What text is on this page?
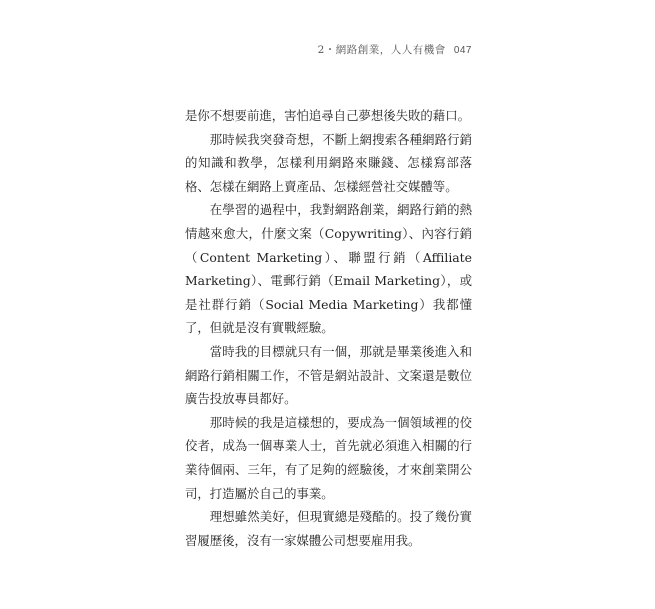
2・網路創業，人人有機會 047

是你不想要前進，害怕追尋自己夢想後失敗的藉口。

那時候我突發奇想，不斷上網搜索各種網路行銷的知識和教學，怎樣利用網路來賺錢、怎樣寫部落格、怎樣在網路上賣產品、怎樣經營社交媒體等。

在學習的過程中，我對網路創業，網路行銷的熱情越來愈大，什麼文案（Copywriting）、內容行銷（Content Marketing）、聯盟行銷（Affiliate Marketing）、電郵行銷（Email Marketing），或是社群行銷（Social Media Marketing）我都懂了，但就是沒有實戰經驗。

當時我的目標就只有一個，那就是畢業後進入和網路行銷相關工作，不管是網站設計、文案還是數位廣告投放專員都好。

那時候的我是這樣想的，要成為一個領域裡的佼佼者，成為一個專業人士，首先就必須進入相關的行業待個兩、三年，有了足夠的經驗後，才來創業開公司，打造屬於自己的事業。

理想雖然美好，但現實總是殘酷的。投了幾份實習履歷後，沒有一家媒體公司想要雇用我。
